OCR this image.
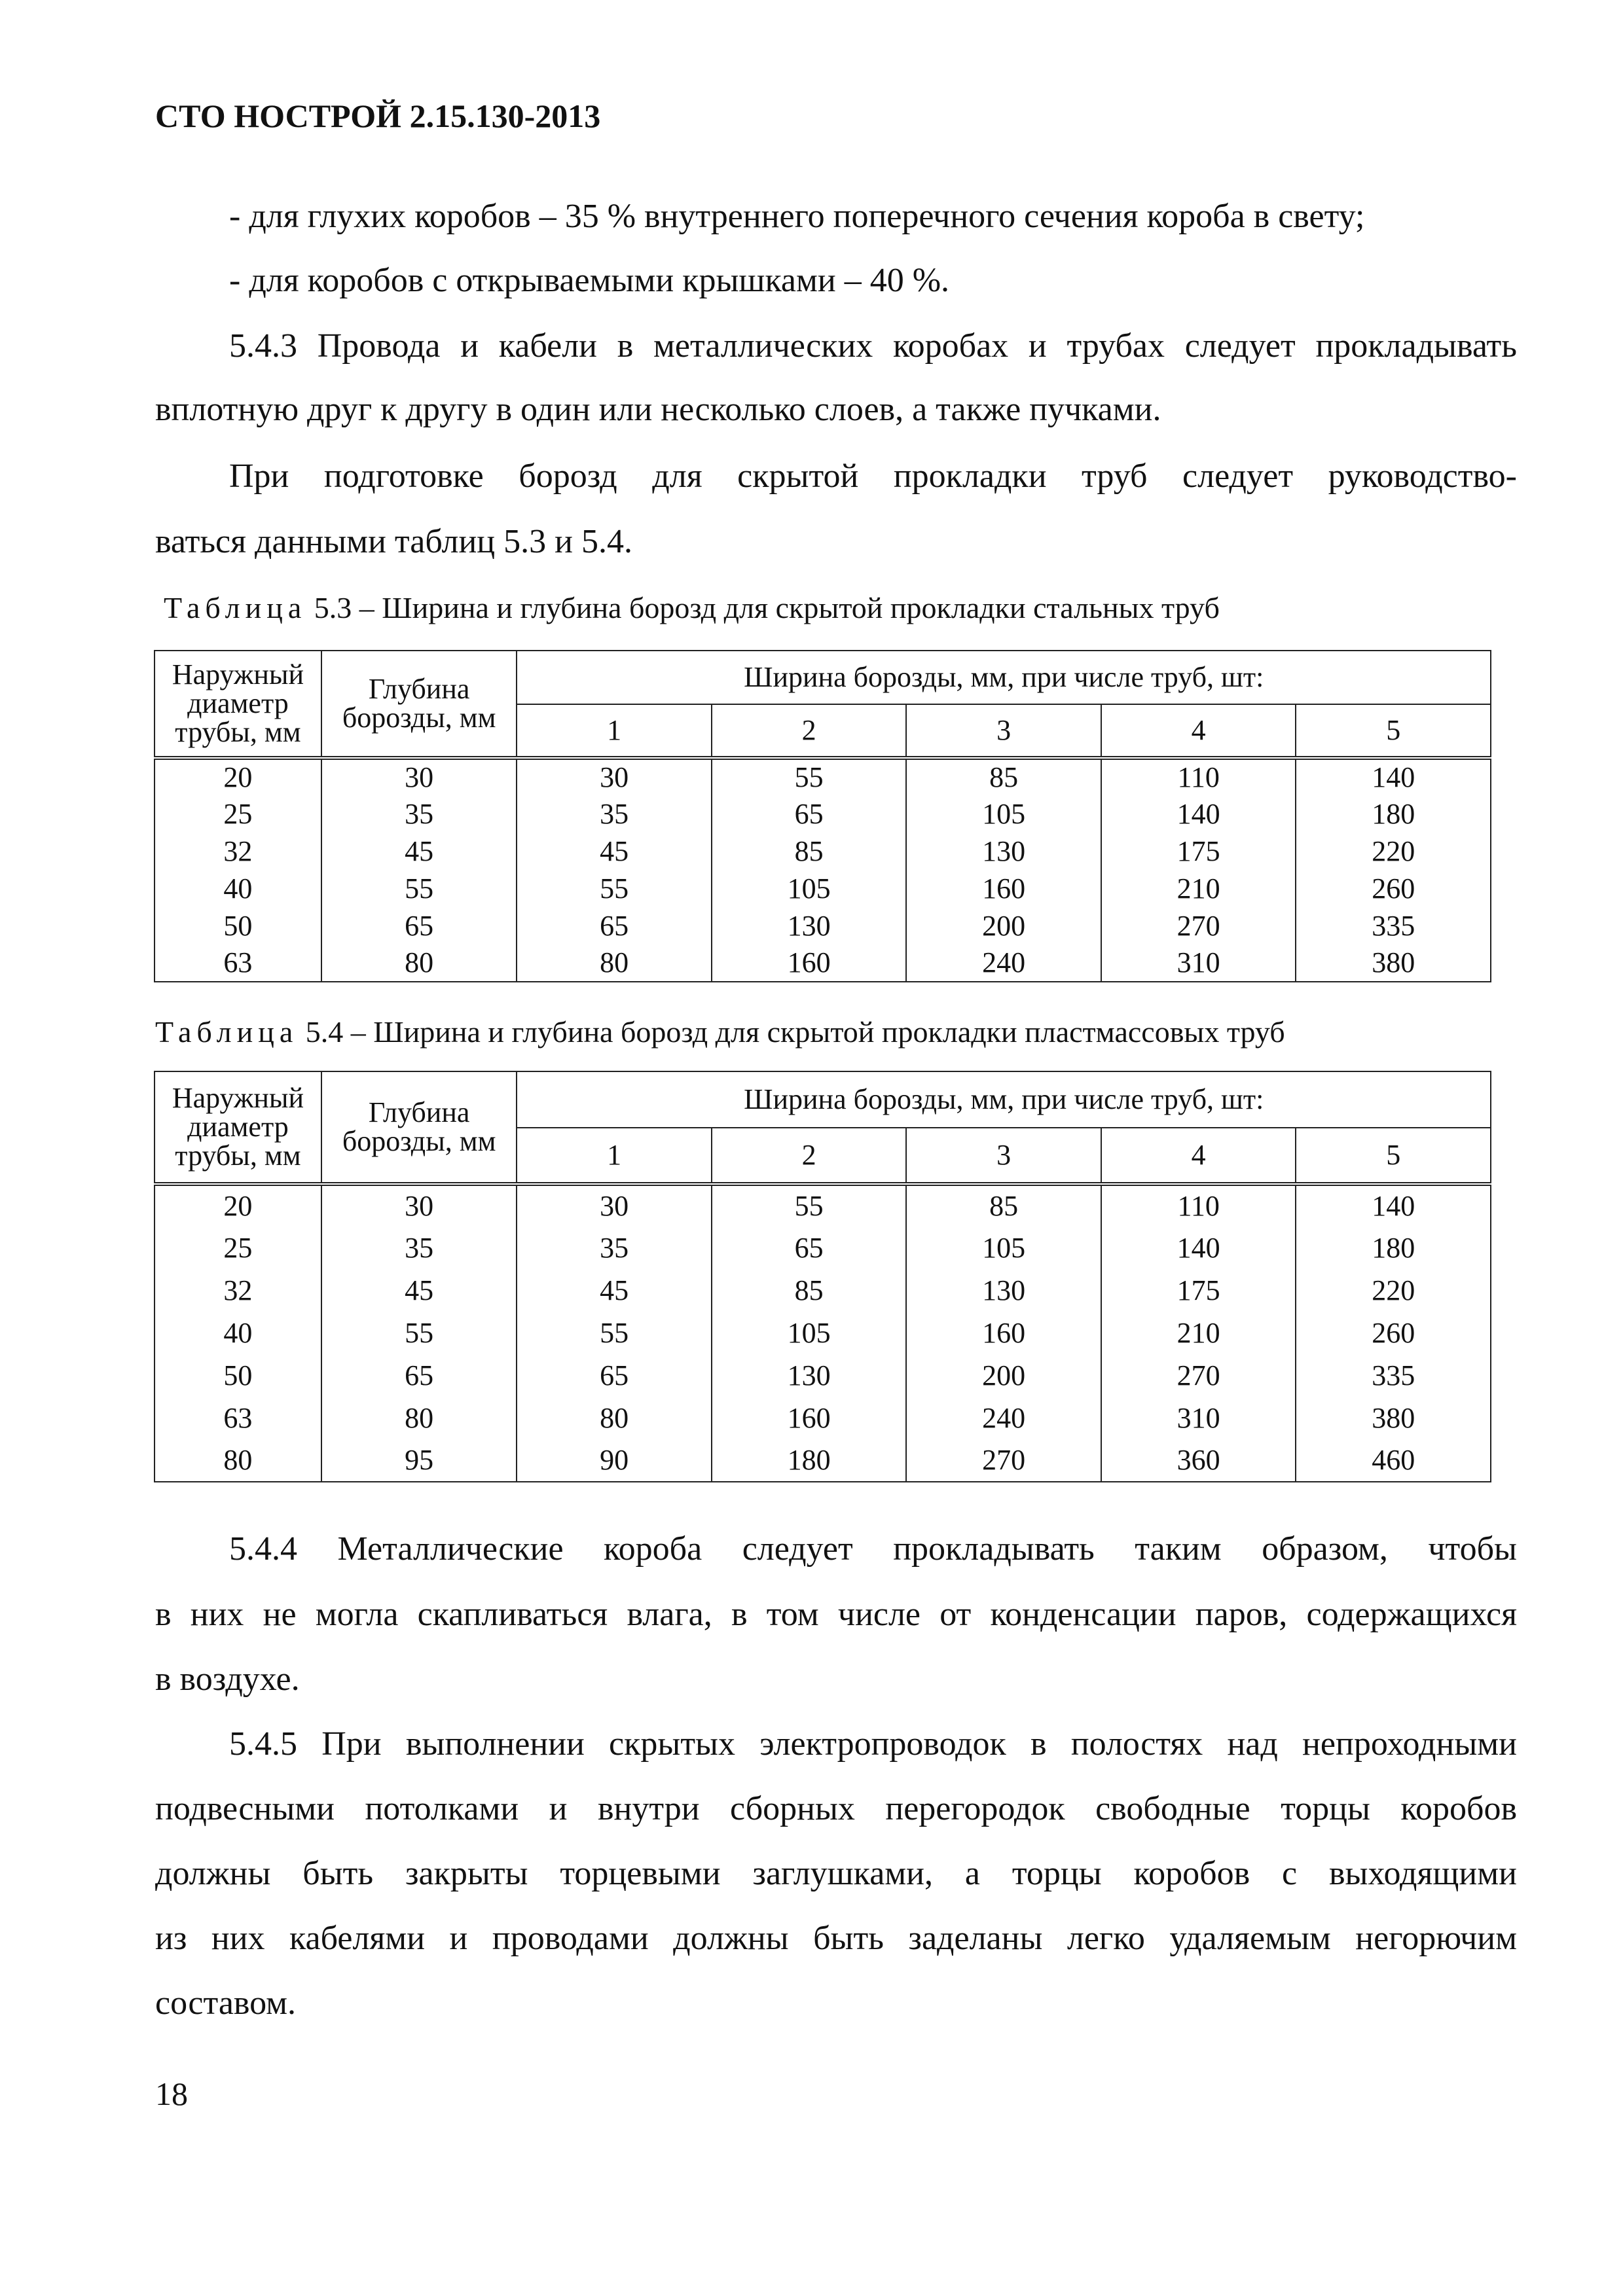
СТО НОСТРОЙ 2.15.130-2013
- для глухих коробов – 35 % внутреннего поперечного сечения короба в свету;
- для коробов с открываемыми крышками – 40 %.
5.4.3 Провода и кабели в металлических коробах и трубах следует прокладывать
вплотную друг к другу в один или несколько слоев, а также пучками.
При подготовке борозд для скрытой прокладки труб следует руководство-
ваться данными таблиц 5.3 и 5.4.
Таблица 5.3 – Ширина и глубина борозд для скрытой прокладки стальных труб
Наружный диаметр трубы, мм	Глубина борозды, мм	Ширина борозды, мм, при числе труб, шт:				
		1	2	3	4	5
20	30	30	55	85	110	140
25	35	35	65	105	140	180
32	45	45	85	130	175	220
40	55	55	105	160	210	260
50	65	65	130	200	270	335
63	80	80	160	240	310	380
Таблица 5.4 – Ширина и глубина борозд для скрытой прокладки пластмассовых труб
Наружный диаметр трубы, мм	Глубина борозды, мм	Ширина борозды, мм, при числе труб, шт:				
		1	2	3	4	5
20	30	30	55	85	110	140
25	35	35	65	105	140	180
32	45	45	85	130	175	220
40	55	55	105	160	210	260
50	65	65	130	200	270	335
63	80	80	160	240	310	380
80	95	90	180	270	360	460
5.4.4 Металлические короба следует прокладывать таким образом, чтобы
в них не могла скапливаться влага, в том числе от конденсации паров, содержащихся
в воздухе.
5.4.5 При выполнении скрытых электропроводок в полостях над непроходными
подвесными потолками и внутри сборных перегородок свободные торцы коробов
должны быть закрыты торцевыми заглушками, а торцы коробов с выходящими
из них кабелями и проводами должны быть заделаны легко удаляемым негорючим
составом.
18
